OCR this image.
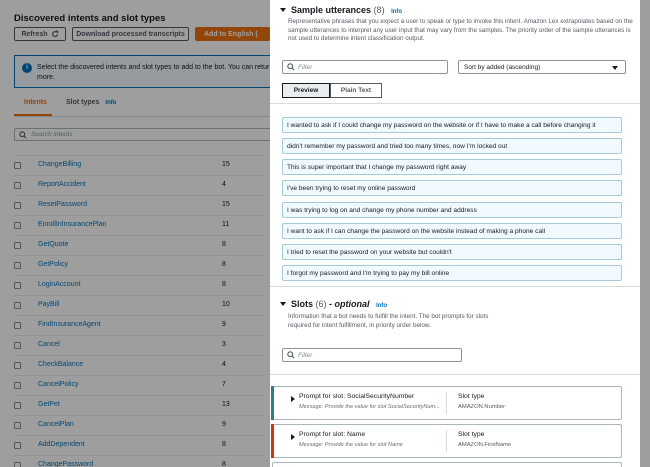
Discovered intents and slot types
Refresh	Download processed transcripts	Add to English (
i	Select the discovered intents and slot types to add to the bot. You can retur more.
Intents	Slot types Info
Search intents
ChangeBilling	15
ReportAccident	4
ResetPassword	15
EnrollInInsurancePlan	11
GetQuote	8
GetPolicy	8
LoginAccount	8
PayBill	10
FindInsuranceAgent	9
Cancel	3
CheckBalance	4
CancelPolicy	7
GetPet	13
CancelPlan	9
AddDependent	8
ChangePassword	8
Sample utterances (8) Info
Representative phrases that you expect a user to speak or type to invoke this intent. Amazon Lex extrapolates based on the sample utterances to interpret any user input that may vary from the samples. The priority order of the sample utterances is not used to determine intent classification output.
Filter	Sort by added (ascending)
Preview	Plain Text
I wanted to ask if I could change my password on the website or if I have to make a call before changing it
didn't remember my password and tried too many times, now I'm locked out
This is super important that I change my password right away
I've been trying to reset my online password
I was trying to log on and change my phone number and address
I want to ask if I can change the password on the website instead of making a phone call
I tried to reset the password on your website but couldn't
I forgot my password and I'm trying to pay my bill online
Slots (6) - optional Info
Information that a bot needs to fulfill the intent. The bot prompts for slots required for intent fulfillment, in priority order below.
Filter
Prompt for slot: SocialSecurityNumber
Message: Provide the value for slot SocialSecurityNum...
Slot type
AMAZON.Number
Prompt for slot: Name
Message: Provide the value for slot Name
Slot type
AMAZON.FirstName
